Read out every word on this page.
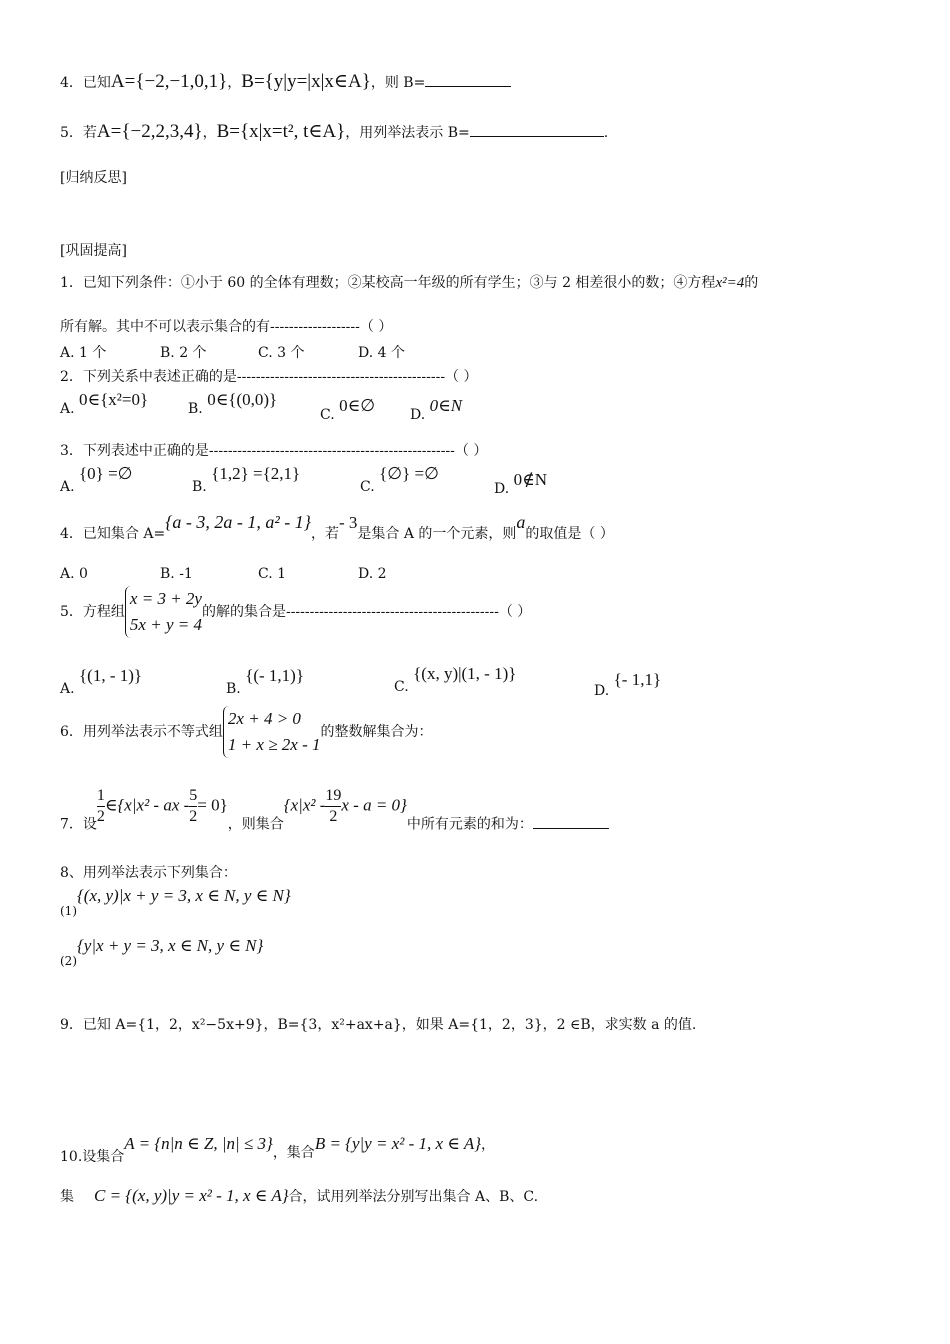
4．已知A={−2,−1,0,1}，B={y|y=|x|x∈A}，则 B=
5．若A={−2,2,3,4}，B={x|x=t², t∈A}，用列举法表示 B=	.
[归纳反思]
[巩固提高]
1．已知下列条件：①小于 60 的全体有理数；②某校高一年级的所有学生；③与 2 相差很小的数；④方程x²=4的
所有解。其中不可以表示集合的有-------------------（ ）
A. 1 个	B. 2 个	C. 3 个	D. 4 个
2．下列关系中表述正确的是--------------------------------------------（ ）
A. 0∈{x²=0}	B. 0∈{(0,0)}
C. 0∈∅ D. 0∈N
3．下列表述中正确的是----------------------------------------------------（ ）
A. {0} =∅
B. {1,2} ={2,1}
C. {∅} =∅
D. 0∉N
4．已知集合 A={a - 3, 2a - 1, a² - 1}，若- 3是集合 A 的一个元素，则a的取值是（ ）
A. 0	B. -1	C. 1	D. 2
5．方程组
x = 3 + 2y
5x + y = 4
的解的集合是---------------------------------------------（ ）
A. {(1, - 1)}
B. {(- 1,1)}
C. {(x, y)|(1, - 1)}
D. {- 1,1}
6．用列举法表示不等式组
2x + 4 > 0
1 + x ≥ 2x - 1
的整数解集合为：
7．设 $\frac{1}{2}$ ∈{x|x² - ax - $\frac{5}{2} = 0$}，则集合{$x|x^2 - \frac{19}{2}$ x - a = 0}中所有元素的和为：
8、用列举法表示下列集合：
(1){(x, y)|x + y = 3, x ∈ N, y ∈ N}
(2){y|x + y = 3, x ∈ N, y ∈ N}
9．已知 A={1，2，x²−5x+9}，B={3，x²+ax+a}，如果 A={1，2，3}，2 ∈B，求实数 a 的值.
10.设集合A = {n|n ∈ Z, |n| ≤ 3}，集合B = {y|y = x² - 1, x ∈ A}，
集 C = {(x, y)|y = x² - 1, x ∈ A}合，试用列举法分别写出集合 A、B、C.
